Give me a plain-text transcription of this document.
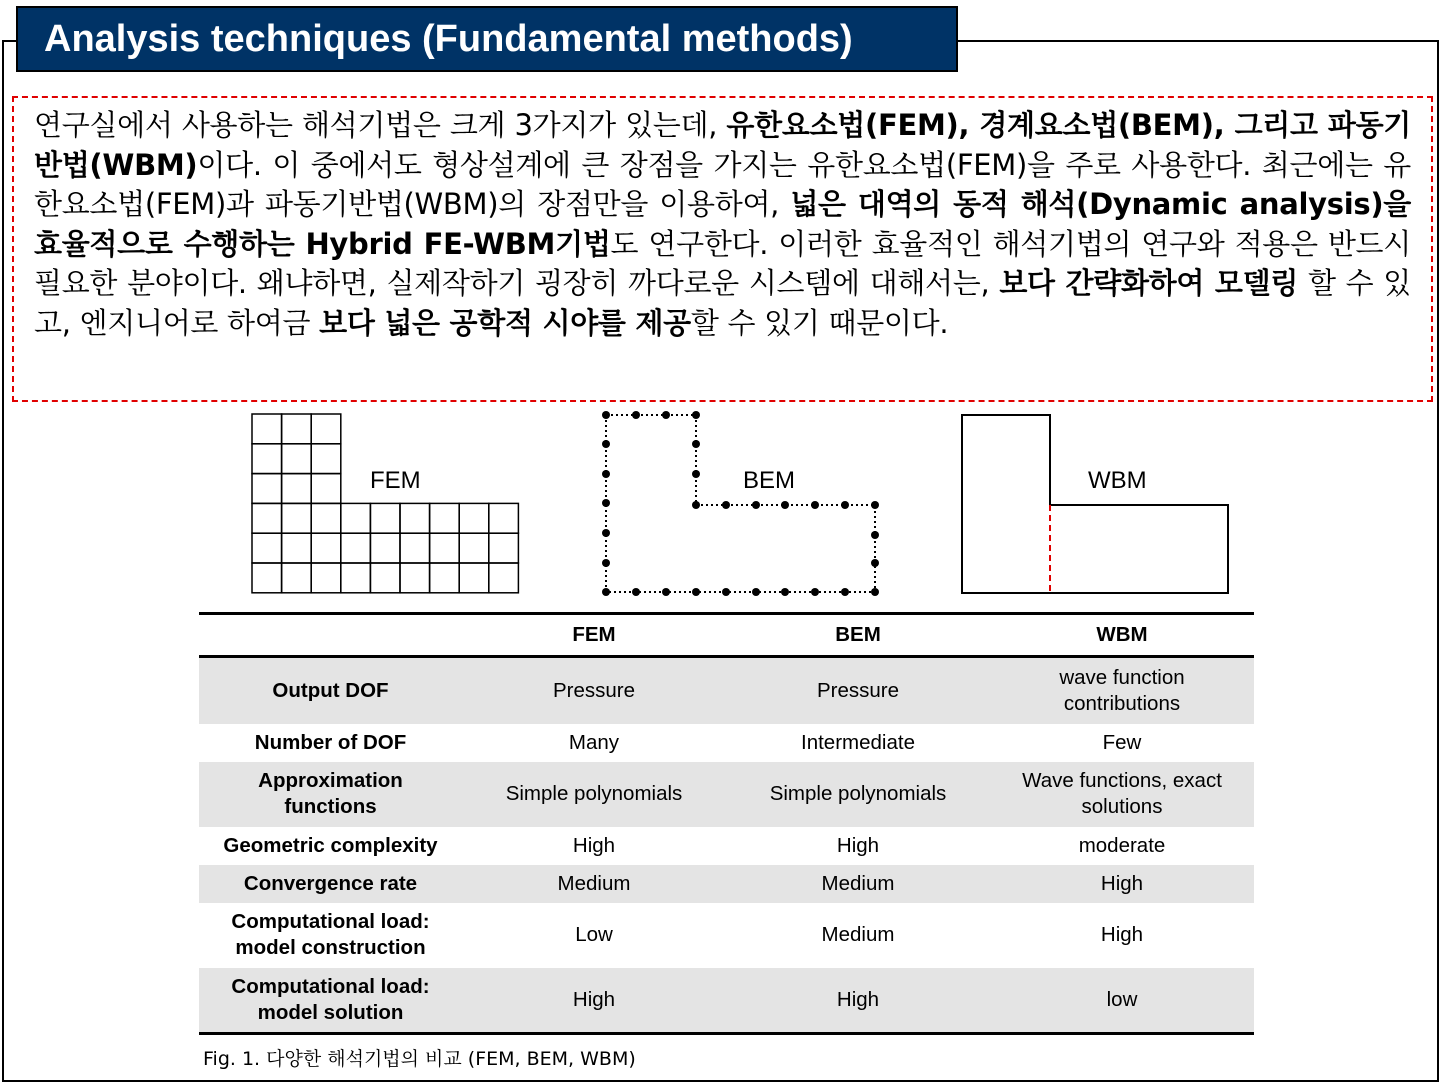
Analysis techniques (Fundamental methods)

연구실에서 사용하는 해석기법은 크게 3가지가 있는데, 유한요소법(FEM), 경계요소법(BEM), 그리고 파동기반법(WBM)이다. 이 중에서도 형상설계에 큰 장점을 가지는 유한요소법(FEM)을 주로 사용한다. 최근에는 유한요소법(FEM)과 파동기반법(WBM)의 장점만을 이용하여, 넓은 대역의 동적 해석(Dynamic analysis)을 효율적으로 수행하는 Hybrid FE-WBM기법도 연구한다. 이러한 효율적인 해석기법의 연구와 적용은 반드시 필요한 분야이다. 왜냐하면, 실제작하기 굉장히 까다로운 시스템에 대해서는, 보다 간략화하여 모델링 할 수 있고, 엔지니어로 하여금 보다 넓은 공학적 시야를 제공할 수 있기 때문이다.

FEM	BEM	WBM
	FEM	BEM	WBM
Output DOF	Pressure	Pressure	wave function contributions
Number of DOF	Many	Intermediate	Few
Approximation functions	Simple polynomials	Simple polynomials	Wave functions, exact solutions
Geometric complexity	High	High	moderate
Convergence rate	Medium	Medium	High
Computational load: model construction	Low	Medium	High
Computational load: model solution	High	High	low
Fig. 1. 다양한 해석기법의 비교 (FEM, BEM, WBM)
